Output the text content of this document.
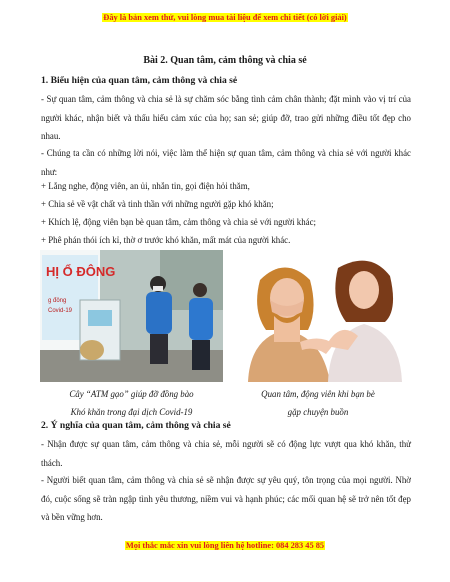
Đây là bản xem thử, vui lòng mua tài liệu để xem chi tiết (có lời giải)
Bài 2. Quan tâm, cảm thông và chia sẻ
1. Biểu hiện của quan tâm, cảm thông và chia sẻ
- Sự quan tâm, cảm thông và chia sẻ là sự chăm sóc bằng tình cảm chân thành; đặt mình vào vị trí của người khác, nhận biết và thấu hiểu cảm xúc của họ; san sẻ; giúp đỡ, trao gửi những điều tốt đẹp cho nhau.
- Chúng ta cần có những lời nói, việc làm thể hiện sự quan tâm, cảm thông và chia sẻ với người khác như:
+ Lắng nghe, động viên, an ủi, nhắn tin, gọi điện hỏi thăm,
+ Chia sẻ về vật chất và tinh thần với những người gặp khó khăn;
+ Khích lệ, động viên bạn bè quan tâm, cảm thông và chia sẻ với người khác;
+ Phê phán thói ích kỉ, thờ ơ trước khó khăn, mất mát của người khác.
HỊ Ổ ĐÔNG
g đông
Covid-19
Cây “ATM gạo” giúp đỡ đồng bào
Khó khăn trong đại dịch Covid-19
Quan tâm, động viên khi bạn bè
gặp chuyện buồn
2. Ý nghĩa của quan tâm, cảm thông và chia sẻ
- Nhận được sự quan tâm, cảm thông và chia sẻ, mỗi người sẽ có động lực vượt qua khó khăn, thử thách.
- Người biết quan tâm, cảm thông và chia sẻ sẽ nhận được sự yêu quý, tôn trọng của mọi người. Nhờ đó, cuộc sống sẽ tràn ngập tình yêu thương, niềm vui và hạnh phúc; các mối quan hệ sẽ trở nên tốt đẹp và bền vững hơn.
Mọi thắc mắc xin vui lòng liên hệ hotline: 084 283 45 85
